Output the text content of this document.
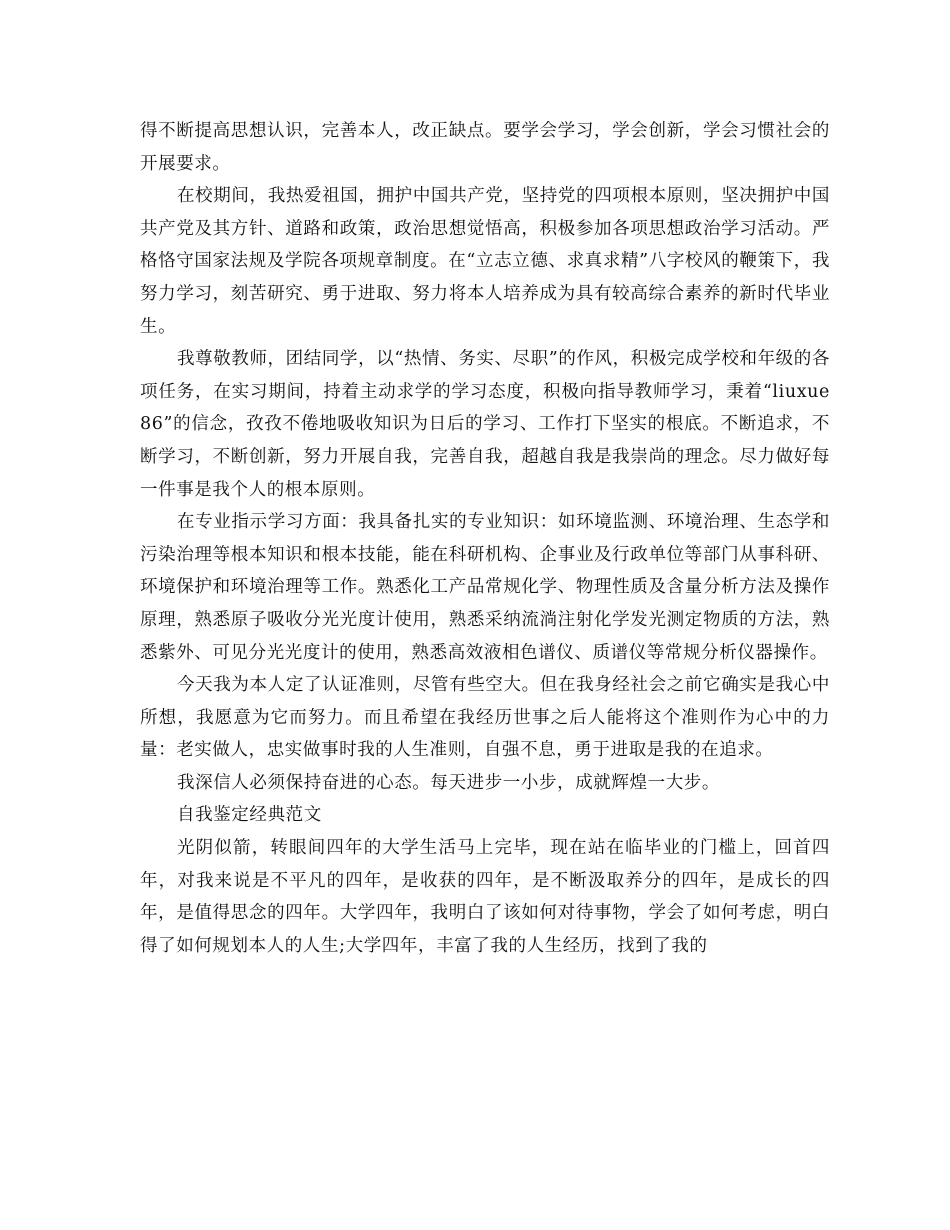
得不断提高思想认识，完善本人，改正缺点。要学会学习，学会创新，学会习惯社会的开展要求。

在校期间，我热爱祖国，拥护中国共产党，坚持党的四项根本原则，坚决拥护中国共产党及其方针、道路和政策，政治思想觉悟高，积极参加各项思想政治学习活动。严格恪守国家法规及学院各项规章制度。在“立志立德、求真求精”八字校风的鞭策下，我努力学习，刻苦研究、勇于进取、努力将本人培养成为具有较高综合素养的新时代毕业生。

我尊敬教师，团结同学，以“热情、务实、尽职”的作风，积极完成学校和年级的各项任务，在实习期间，持着主动求学的学习态度，积极向指导教师学习，秉着“liuxue86”的信念，孜孜不倦地吸收知识为日后的学习、工作打下坚实的根底。不断追求，不断学习，不断创新，努力开展自我，完善自我，超越自我是我崇尚的理念。尽力做好每一件事是我个人的根本原则。

在专业指示学习方面：我具备扎实的专业知识：如环境监测、环境治理、生态学和污染治理等根本知识和根本技能，能在科研机构、企事业及行政单位等部门从事科研、环境保护和环境治理等工作。熟悉化工产品常规化学、物理性质及含量分析方法及操作原理，熟悉原子吸收分光光度计使用，熟悉采纳流淌注射化学发光测定物质的方法，熟悉紫外、可见分光光度计的使用，熟悉高效液相色谱仪、质谱仪等常规分析仪器操作。

今天我为本人定了认证准则，尽管有些空大。但在我身经社会之前它确实是我心中所想，我愿意为它而努力。而且希望在我经历世事之后人能将这个准则作为心中的力量：老实做人，忠实做事时我的人生准则，自强不息，勇于进取是我的在追求。

我深信人必须保持奋进的心态。每天进步一小步，成就辉煌一大步。

自我鉴定经典范文

光阴似箭，转眼间四年的大学生活马上完毕，现在站在临毕业的门槛上，回首四年，对我来说是不平凡的四年，是收获的四年，是不断汲取养分的四年，是成长的四年，是值得思念的四年。大学四年，我明白了该如何对待事物，学会了如何考虑，明白得了如何规划本人的人生;大学四年，丰富了我的人生经历，找到了我的
